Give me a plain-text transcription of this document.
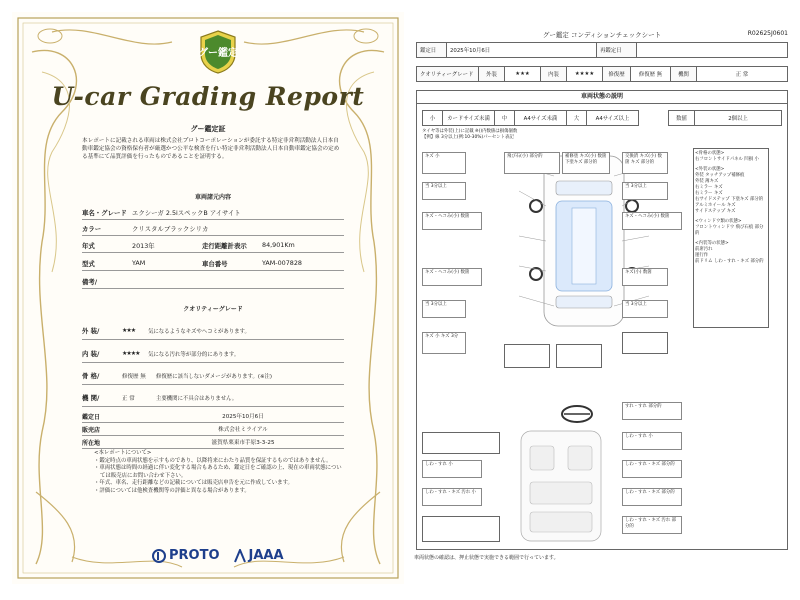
グー鑑定
U-car Grading Report
グー鑑定証
本レポートに記載される車両は株式会社プロトコーポレーションが委託する特定非営利活動法人日本自動車鑑定協会の資格保有者が厳選かつ公平な検査を行い特定非営利活動法人日本自動車鑑定協会の定める基準にて品質評価を行ったものであることを証明する。
車両諸元内容
車名・グレード エクシーガ 2.5iスペックB アイサイト
カラー	クリスタルブラックシリカ
年式	2013年	走行距離計表示	84,901Km
型式	YAM	車台番号	YAM-007828
備考/
クオリティーグレード
外 装/	★★★	気になるようなキズやヘコミがあります。
内 装/	★★★★	気になる汚れ等が部分的にあります。
骨 格/	修復歴 無	修復歴に該当しないダメージがあります。(※注)
機 関/	正 常	主要機関に不具合はありません。
鑑定日	2025年10月6日
販売店	株式会社ミライアル
所在地	滋賀県栗東市手原3-3-25
<本レポートについて>
・鑑定時点の車両状態を示すものであり、以降将来にわたり品質を保証するものではありません。
・車両状態は時間の経過に伴い変化する場合もあるため、鑑定日をご確認の上、現在の車両状態については販売店にお問い合わせ下さい。
・年式、車名、走行距離などの記載については販売店申告を元に作成しています。
・評価については他検査機関等の評価と異なる場合があります。
PROTO JAAA
グー鑑定 コンディションチェックシート	R02625J0601
鑑定日	2025年10月6日	再鑑定日	
クオリティーグレード	外装	★★★	内装	★★★★	修復歴	修復歴 無	機関	正 常
車両状態の説明
小	カードサイズ未満	中	A4サイズ未満	大	A4サイズ以上		数値	2個以上
タイヤ等は外装(上)に記載 ※()内数値は損傷個数
【例】線 3分以上(例:10-30%)パーセント表記
キズ 小	飛び石(小) 部分的	補修塗 キズ(小) 数箇 下塗キズ 部分的
交換済 キズ(小) 数箇 キズ 部分的
当 3分以上	当 3分以上
キズ・ヘコみ(小) 数箇	キズ・ヘコみ(小) 数箇
キズ・ヘコみ(小) 数箇	キズ(小) 数箇
当 3分以上	当 3分以上
キズ 小 キズ 3分
すれ・すれ 部分的
しわ・すれ 小
しわ・すれ 小	しわ・すれ・キズ 部分的
しわ・すれ・キズ 汚れ 小	しわ・すれ・キズ 部分的
しわ・すれ・キズ 汚れ 部分的
<骨格の状態>
右フロントサイドパネル 凹損 小
<外装の状態>
外装 タッチアップ補修痕
外装 薄キズ
右ミラー キズ
右ミラー キズ
右サイドステップ 下塗キズ 部分的
アルミホイール キズ
サイドステップ キズ
<ウィンドウ類の状態>
フロントウィンドウ 飛び石痕 部分的
<内装等の状態>
前席汚れ
運行作
前ドリム しわ・すれ・キズ 部分的
車両状態の確認は、押止状態で実施できる範囲で行っています。
